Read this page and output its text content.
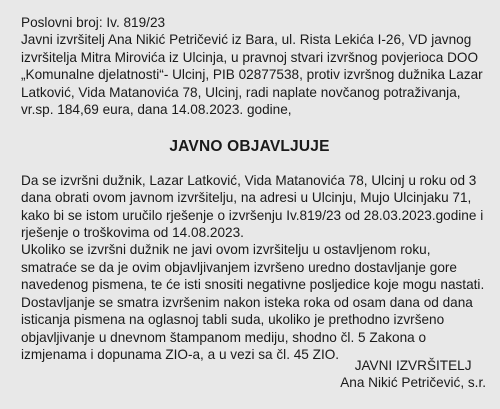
Poslovni broj: Iv. 819/23

Javni izvršitelj Ana Nikić Petričević iz Bara, ul. Rista Lekića I-26, VD javnog izvršitelja Mitra Mirovića iz Ulcinja, u pravnoj stvari izvršnog povjerioca DOO „Komunalne djelatnosti“- Ulcinj, PIB 02877538, protiv izvršnog dužnika Lazar Latković, Vida Matanovića 78, Ulcinj, radi naplate novčanog potraživanja, vr.sp. 184,69 eura, dana 14.08.2023. godine,

JAVNO OBJAVLJUJE

Da se izvršni dužnik, Lazar Latković, Vida Matanovića 78, Ulcinj u roku od 3 dana obrati ovom javnom izvršitelju, na adresi u Ulcinju, Mujo Ulcinjaku 71, kako bi se istom uručilo rješenje o izvršenju Iv.819/23 od 28.03.2023.godine i rješenje o troškovima od 14.08.2023.

Ukoliko se izvršni dužnik ne javi ovom izvršitelju u ostavljenom roku, smatraće se da je ovim objavljivanjem izvršeno uredno dostavljanje gore navedenog pismena, te će isti snositi negativne posljedice koje mogu nastati.

Dostavljanje se smatra izvršenim nakon isteka roka od osam dana od dana isticanja pismena na oglasnoj tabli suda, ukoliko je prethodno izvršeno objavljivanje u dnevnom štampanom mediju, shodno čl. 5 Zakona o izmjenama i dopunama ZIO-a, a u vezi sa čl. 45 ZIO.

JAVNI IZVRŠITELJ
Ana Nikić Petričević, s.r.
